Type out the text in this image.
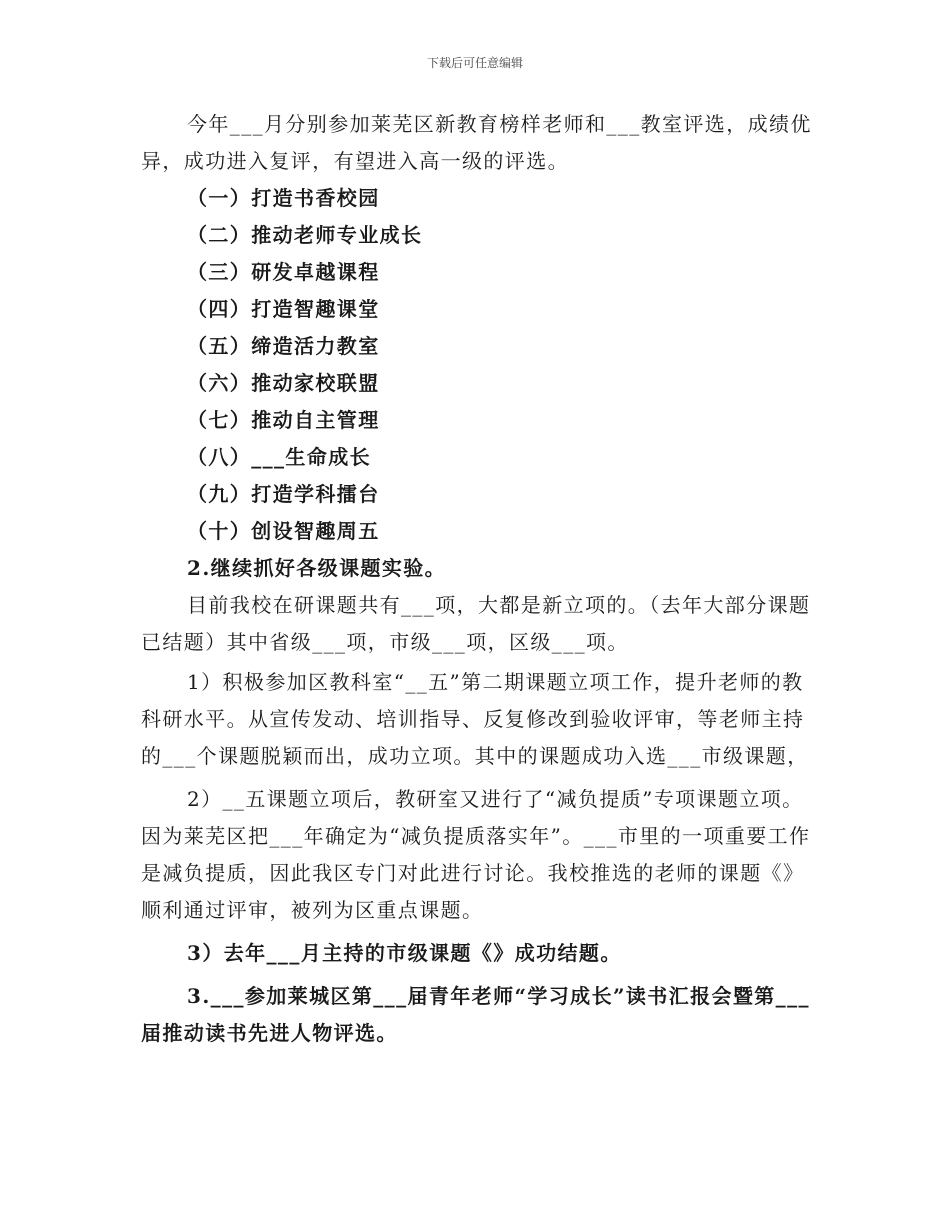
下载后可任意编辑

今年___月分别参加莱芜区新教育榜样老师和___教室评选，成绩优异，成功进入复评，有望进入高一级的评选。

（一）打造书香校园

（二）推动老师专业成长

（三）研发卓越课程

（四）打造智趣课堂

（五）缔造活力教室

（六）推动家校联盟

（七）推动自主管理

（八）___生命成长

（九）打造学科擂台

（十）创设智趣周五

2.继续抓好各级课题实验。

目前我校在研课题共有___项，大都是新立项的。（去年大部分课题已结题）其中省级___项，市级___项，区级___项。

1）积极参加区教科室“__五”第二期课题立项工作，提升老师的教科研水平。从宣传发动、培训指导、反复修改到验收评审，等老师主持的___个课题脱颖而出，成功立项。其中的课题成功入选___市级课题，

2）__五课题立项后，教研室又进行了“减负提质”专项课题立项。因为莱芜区把___年确定为“减负提质落实年”。___市里的一项重要工作是减负提质，因此我区专门对此进行讨论。我校推选的老师的课题《》顺利通过评审，被列为区重点课题。

3）去年___月主持的市级课题《》成功结题。

3.___参加莱城区第___届青年老师“学习成长”读书汇报会暨第___届推动读书先进人物评选。
